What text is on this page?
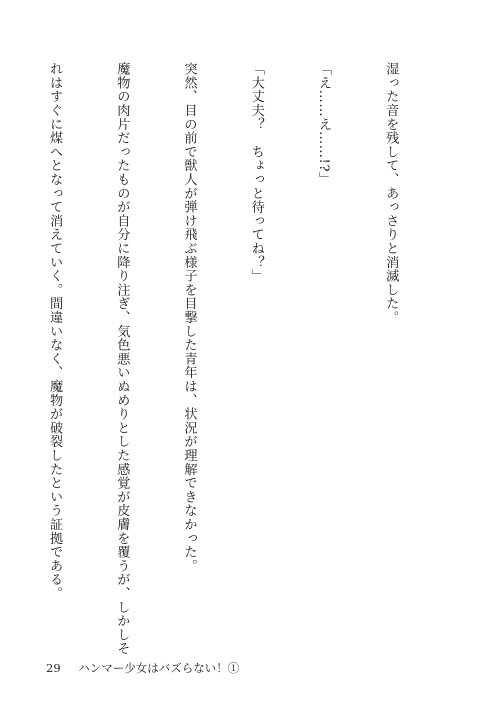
湿った音を残して、あっさりと消滅した。

「え……え……!?」

「大丈夫？　ちょっと待ってね？」

突然、目の前で獣人が弾け飛ぶ様子を目撃した青年は、状況が理解できなかった。

魔物の肉片だったものが自分に降り注ぎ、気色悪いぬめりとした感覚が皮膚を覆うが、しかしそ

れはすぐに煤へとなって消えていく。間違いなく、魔物が破裂したという証拠である。

29 ハンマー少女はバズらない！①
